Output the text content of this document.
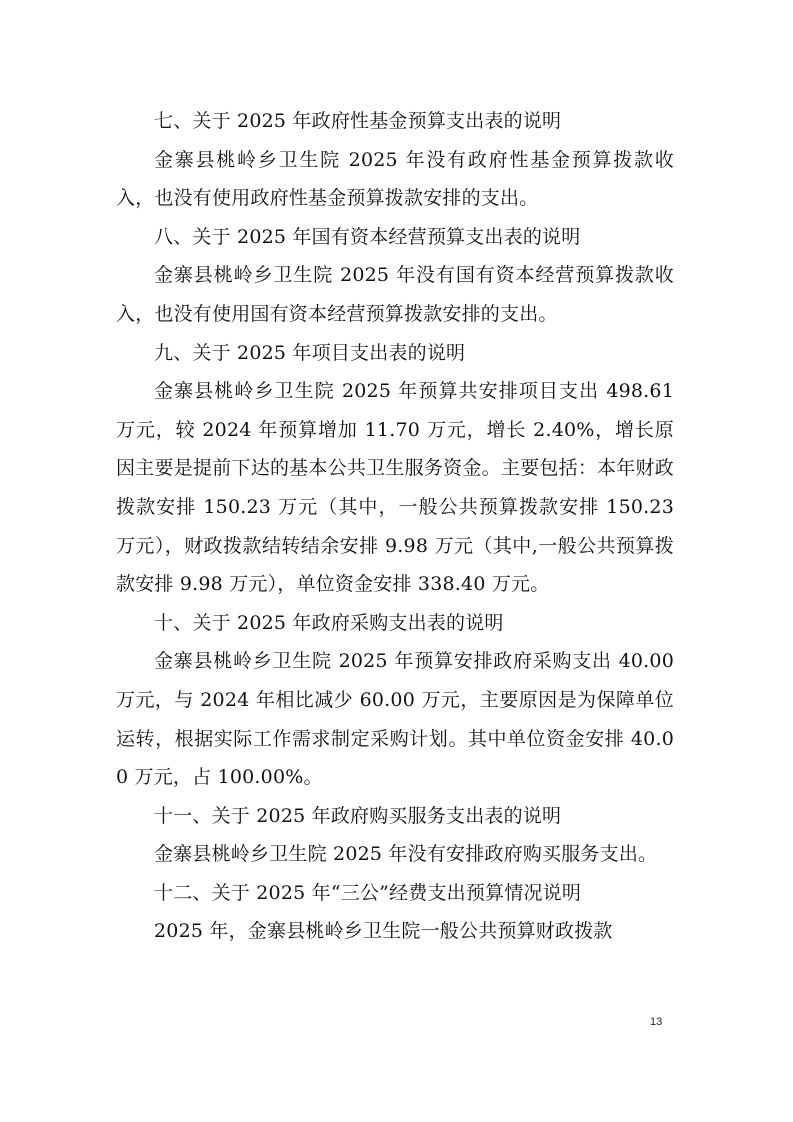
七、关于 2025 年政府性基金预算支出表的说明

金寨县桃岭乡卫生院 2025 年没有政府性基金预算拨款收入，也没有使用政府性基金预算拨款安排的支出。

八、关于 2025 年国有资本经营预算支出表的说明

金寨县桃岭乡卫生院 2025 年没有国有资本经营预算拨款收入，也没有使用国有资本经营预算拨款安排的支出。

九、关于 2025 年项目支出表的说明

金寨县桃岭乡卫生院 2025 年预算共安排项目支出 498.61 万元，较 2024 年预算增加 11.70 万元，增长 2.40%，增长原因主要是提前下达的基本公共卫生服务资金。主要包括：本年财政拨款安排 150.23 万元（其中，一般公共预算拨款安排 150.23 万元），财政拨款结转结余安排 9.98 万元（其中,一般公共预算拨款安排 9.98 万元），单位资金安排 338.40 万元。

十、关于 2025 年政府采购支出表的说明

金寨县桃岭乡卫生院 2025 年预算安排政府采购支出 40.00 万元，与 2024 年相比减少 60.00 万元，主要原因是为保障单位运转，根据实际工作需求制定采购计划。其中单位资金安排 40.00 万元，占 100.00%。

十一、关于 2025 年政府购买服务支出表的说明

金寨县桃岭乡卫生院 2025 年没有安排政府购买服务支出。

十二、关于 2025 年“三公”经费支出预算情况说明

2025 年，金寨县桃岭乡卫生院一般公共预算财政拨款

13
